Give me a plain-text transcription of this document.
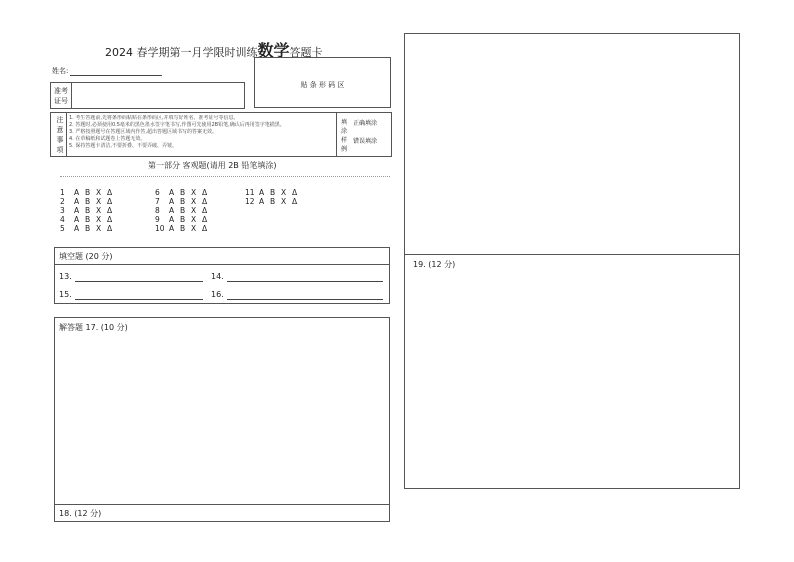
2024 春学期第一月学限时训练数学答题卡
姓名:
准考
证号
贴 条 形 码 区
注
意
事
项
1. 考生答题前,先将条形码粘贴在条形码区,并填写好姓名、准考证号等信息。
2. 答题时,必须使用0.5毫米的黑色墨水签字笔书写,作图可先使用2B铅笔,确认后再用签字笔描黑。
3. 严格按照题号在答题区域内作答,超出答题区域书写的答案无效。
4. 在草稿纸和试题卷上答题无效。
5. 保持答题卡清洁,不要折叠、不要弄破、弄皱。
填
涂
样
例
正确填涂
错误填涂
第一部分 客观题(请用 2B 铅笔填涂)
1 A B X Δ
2 A B X Δ
3 A B X Δ
4 A B X Δ
5 A B X Δ
6 A B X Δ
7 A B X Δ
8 A B X Δ
9 A B X Δ
10 A B X Δ
11 A B X Δ
12 A B X Δ
填空题 (20 分)
13.	14.
15.	16.
解答题 17. (10 分)
18. (12 分)
19. (12 分)
